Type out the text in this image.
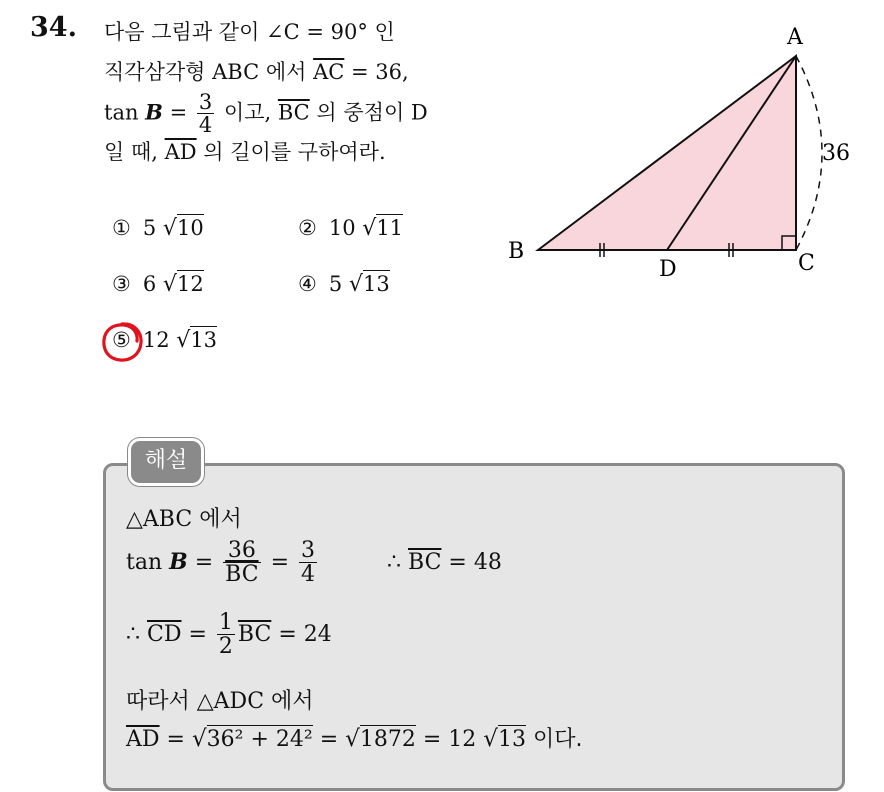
34. 다음 그림과 같이 ∠C = 90° 인
직각삼각형 ABC 에서 $\overline{AC} = 36$,
$\tan B = \frac{3}{4}$ 이고, $\overline{BC}$ 의 중점이 D
일 때, $\overline{AD}$ 의 길이를 구하여라.
① 5 √10	② 10 √11
③ 6 √12	④ 5 √13
⑤ 12 √13
A
B	C
D
36
해설
△ABC 에서
$\tan B = \frac{36}{BC} = \frac{3}{4}$	∴ $\overline{BC} = 48$
∴ $\overline{CD} = \frac{1}{2} \overline{BC} = 24$
따라서 △ADC 에서
$\overline{AD} = √36^2 + 24^2 = √1872 = 12$ √13 이다.
